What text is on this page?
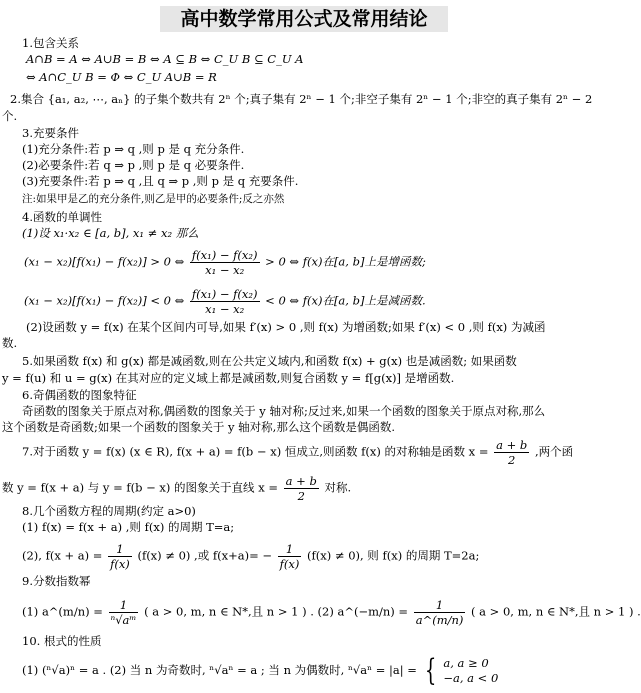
高中数学常用公式及常用结论
1.包含关系
A∩B = A ⇔ A∪B = B ⇔ A ⊆ B ⇔ C_U B ⊆ C_U A
⇔ A∩C_U B = Φ ⇔ C_U A∪B = R
2.集合 {a₁, a₂, ⋯, aₙ} 的子集个数共有 2ⁿ 个;真子集有 2ⁿ − 1 个;非空子集有 2ⁿ − 1 个;非空的真子集有 2ⁿ − 2
个.
3.充要条件
(1)充分条件:若 p ⇒ q ,则 p 是 q 充分条件.
(2)必要条件:若 q ⇒ p ,则 p 是 q 必要条件.
(3)充要条件:若 p ⇒ q ,且 q ⇒ p ,则 p 是 q 充要条件.
注:如果甲是乙的充分条件,则乙是甲的必要条件;反之亦然
4.函数的单调性
(1)设 x₁·x₂ ∈ [a, b], x₁ ≠ x₂ 那么
(x₁ − x₂)[f(x₁) − f(x₂)] > 0 ⇔ $\frac{\text{f(x₁) − f(x₂)}}{\text{x₁ − x₂}} > 0$ ⇔ f(x)在[a, b]上是增函数;
(x₁ − x₂)[f(x₁) − f(x₂)] < 0 ⇔ $\frac{\text{f(x₁) − f(x₂)}}{\text{x₁ − x₂}} < 0$ ⇔ f(x)在[a, b]上是减函数.
(2)设函数 y = f(x) 在某个区间内可导,如果 f′(x) > 0 ,则 f(x) 为增函数;如果 f′(x) < 0 ,则 f(x) 为减函
数.
5.如果函数 f(x) 和 g(x) 都是减函数,则在公共定义域内,和函数 f(x) + g(x) 也是减函数; 如果函数
y = f(u) 和 u = g(x) 在其对应的定义域上都是减函数,则复合函数 y = f[g(x)] 是增函数.
6.奇偶函数的图象特征
奇函数的图象关于原点对称,偶函数的图象关于 y 轴对称;反过来,如果一个函数的图象关于原点对称,那么
这个函数是奇函数;如果一个函数的图象关于 y 轴对称,那么这个函数是偶函数.
7.对于函数 y = f(x) (x ∈ R), f(x + a) = f(b − x) 恒成立,则函数 f(x) 的对称轴是函数 $x = \frac{a + b}{2}$ ,两个函
数 y = f(x + a) 与 y = f(b − x) 的图象关于直线 $x = \frac{a + b}{2}$ 对称.
8.几个函数方程的周期(约定 a>0)
(1) f(x) = f(x + a) ,则 f(x) 的周期 T=a;
(2), $f(x + a) = \frac{1}{f(x)} (f(x) \ne 0)$ ,或 $f(x+a)= - \frac{1}{f(x)} (f(x) \ne 0)$, 则 f(x) 的周期 T=2a;
9.分数指数幂
(1) a^(m/n) = $\frac{1}{\text{ⁿ√aᵐ}}$ ( a > 0, m, n ∈ N*,且 n > 1 ) . (2) a^(−m/n) = $\frac{1}{a\^{}(m/n)}$ ( a > 0, m, n ∈ N*,且 n > 1 ) .
10. 根式的性质
(1) (ⁿ√a)ⁿ = a . (2) 当 n 为奇数时, ⁿ√aⁿ = a ; 当 n 为偶数时, ⁿ√aⁿ = |a| = { a, a ≥ 0
−a, a < 0
